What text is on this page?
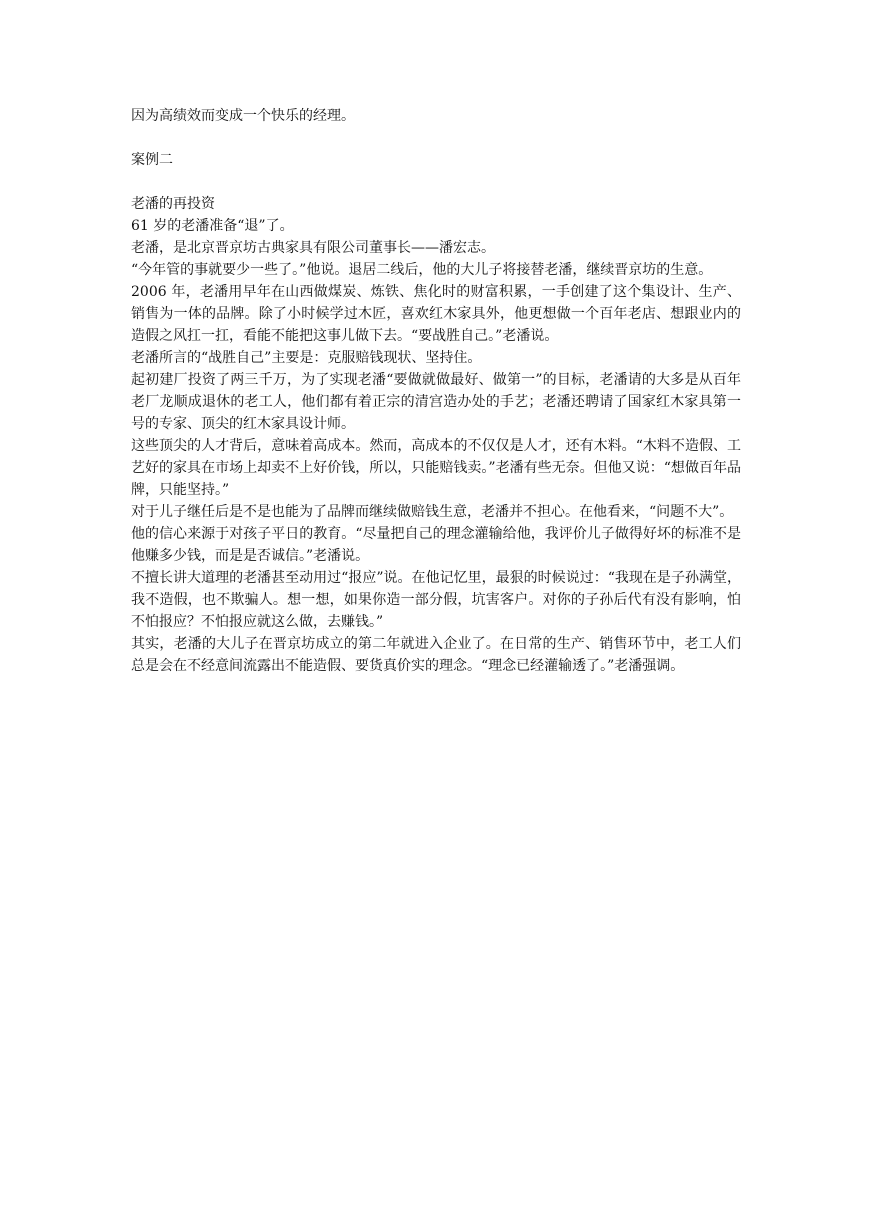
因为高绩效而变成一个快乐的经理。

案例二

老潘的再投资

61 岁的老潘准备“退”了。

老潘，是北京晋京坊古典家具有限公司董事长——潘宏志。

“今年管的事就要少一些了。”他说。退居二线后，他的大儿子将接替老潘，继续晋京坊的生意。

2006 年，老潘用早年在山西做煤炭、炼铁、焦化时的财富积累，一手创建了这个集设计、生产、销售为一体的品牌。除了小时候学过木匠，喜欢红木家具外，他更想做一个百年老店、想跟业内的造假之风扛一扛，看能不能把这事儿做下去。“要战胜自己。”老潘说。

老潘所言的“战胜自己”主要是：克服赔钱现状、坚持住。

起初建厂投资了两三千万，为了实现老潘“要做就做最好、做第一”的目标，老潘请的大多是从百年老厂龙顺成退休的老工人，他们都有着正宗的清宫造办处的手艺；老潘还聘请了国家红木家具第一号的专家、顶尖的红木家具设计师。

这些顶尖的人才背后，意味着高成本。然而，高成本的不仅仅是人才，还有木料。“木料不造假、工艺好的家具在市场上却卖不上好价钱，所以，只能赔钱卖。”老潘有些无奈。但他又说：“想做百年品牌，只能坚持。”

对于儿子继任后是不是也能为了品牌而继续做赔钱生意，老潘并不担心。在他看来，“问题不大”。

他的信心来源于对孩子平日的教育。“尽量把自己的理念灌输给他，我评价儿子做得好坏的标准不是他赚多少钱，而是是否诚信。”老潘说。

不擅长讲大道理的老潘甚至动用过“报应”说。在他记忆里，最狠的时候说过：“我现在是子孙满堂，我不造假，也不欺骗人。想一想，如果你造一部分假，坑害客户。对你的子孙后代有没有影响，怕不怕报应？不怕报应就这么做，去赚钱。”

其实，老潘的大儿子在晋京坊成立的第二年就进入企业了。在日常的生产、销售环节中，老工人们总是会在不经意间流露出不能造假、要货真价实的理念。“理念已经灌输透了。”老潘强调。
